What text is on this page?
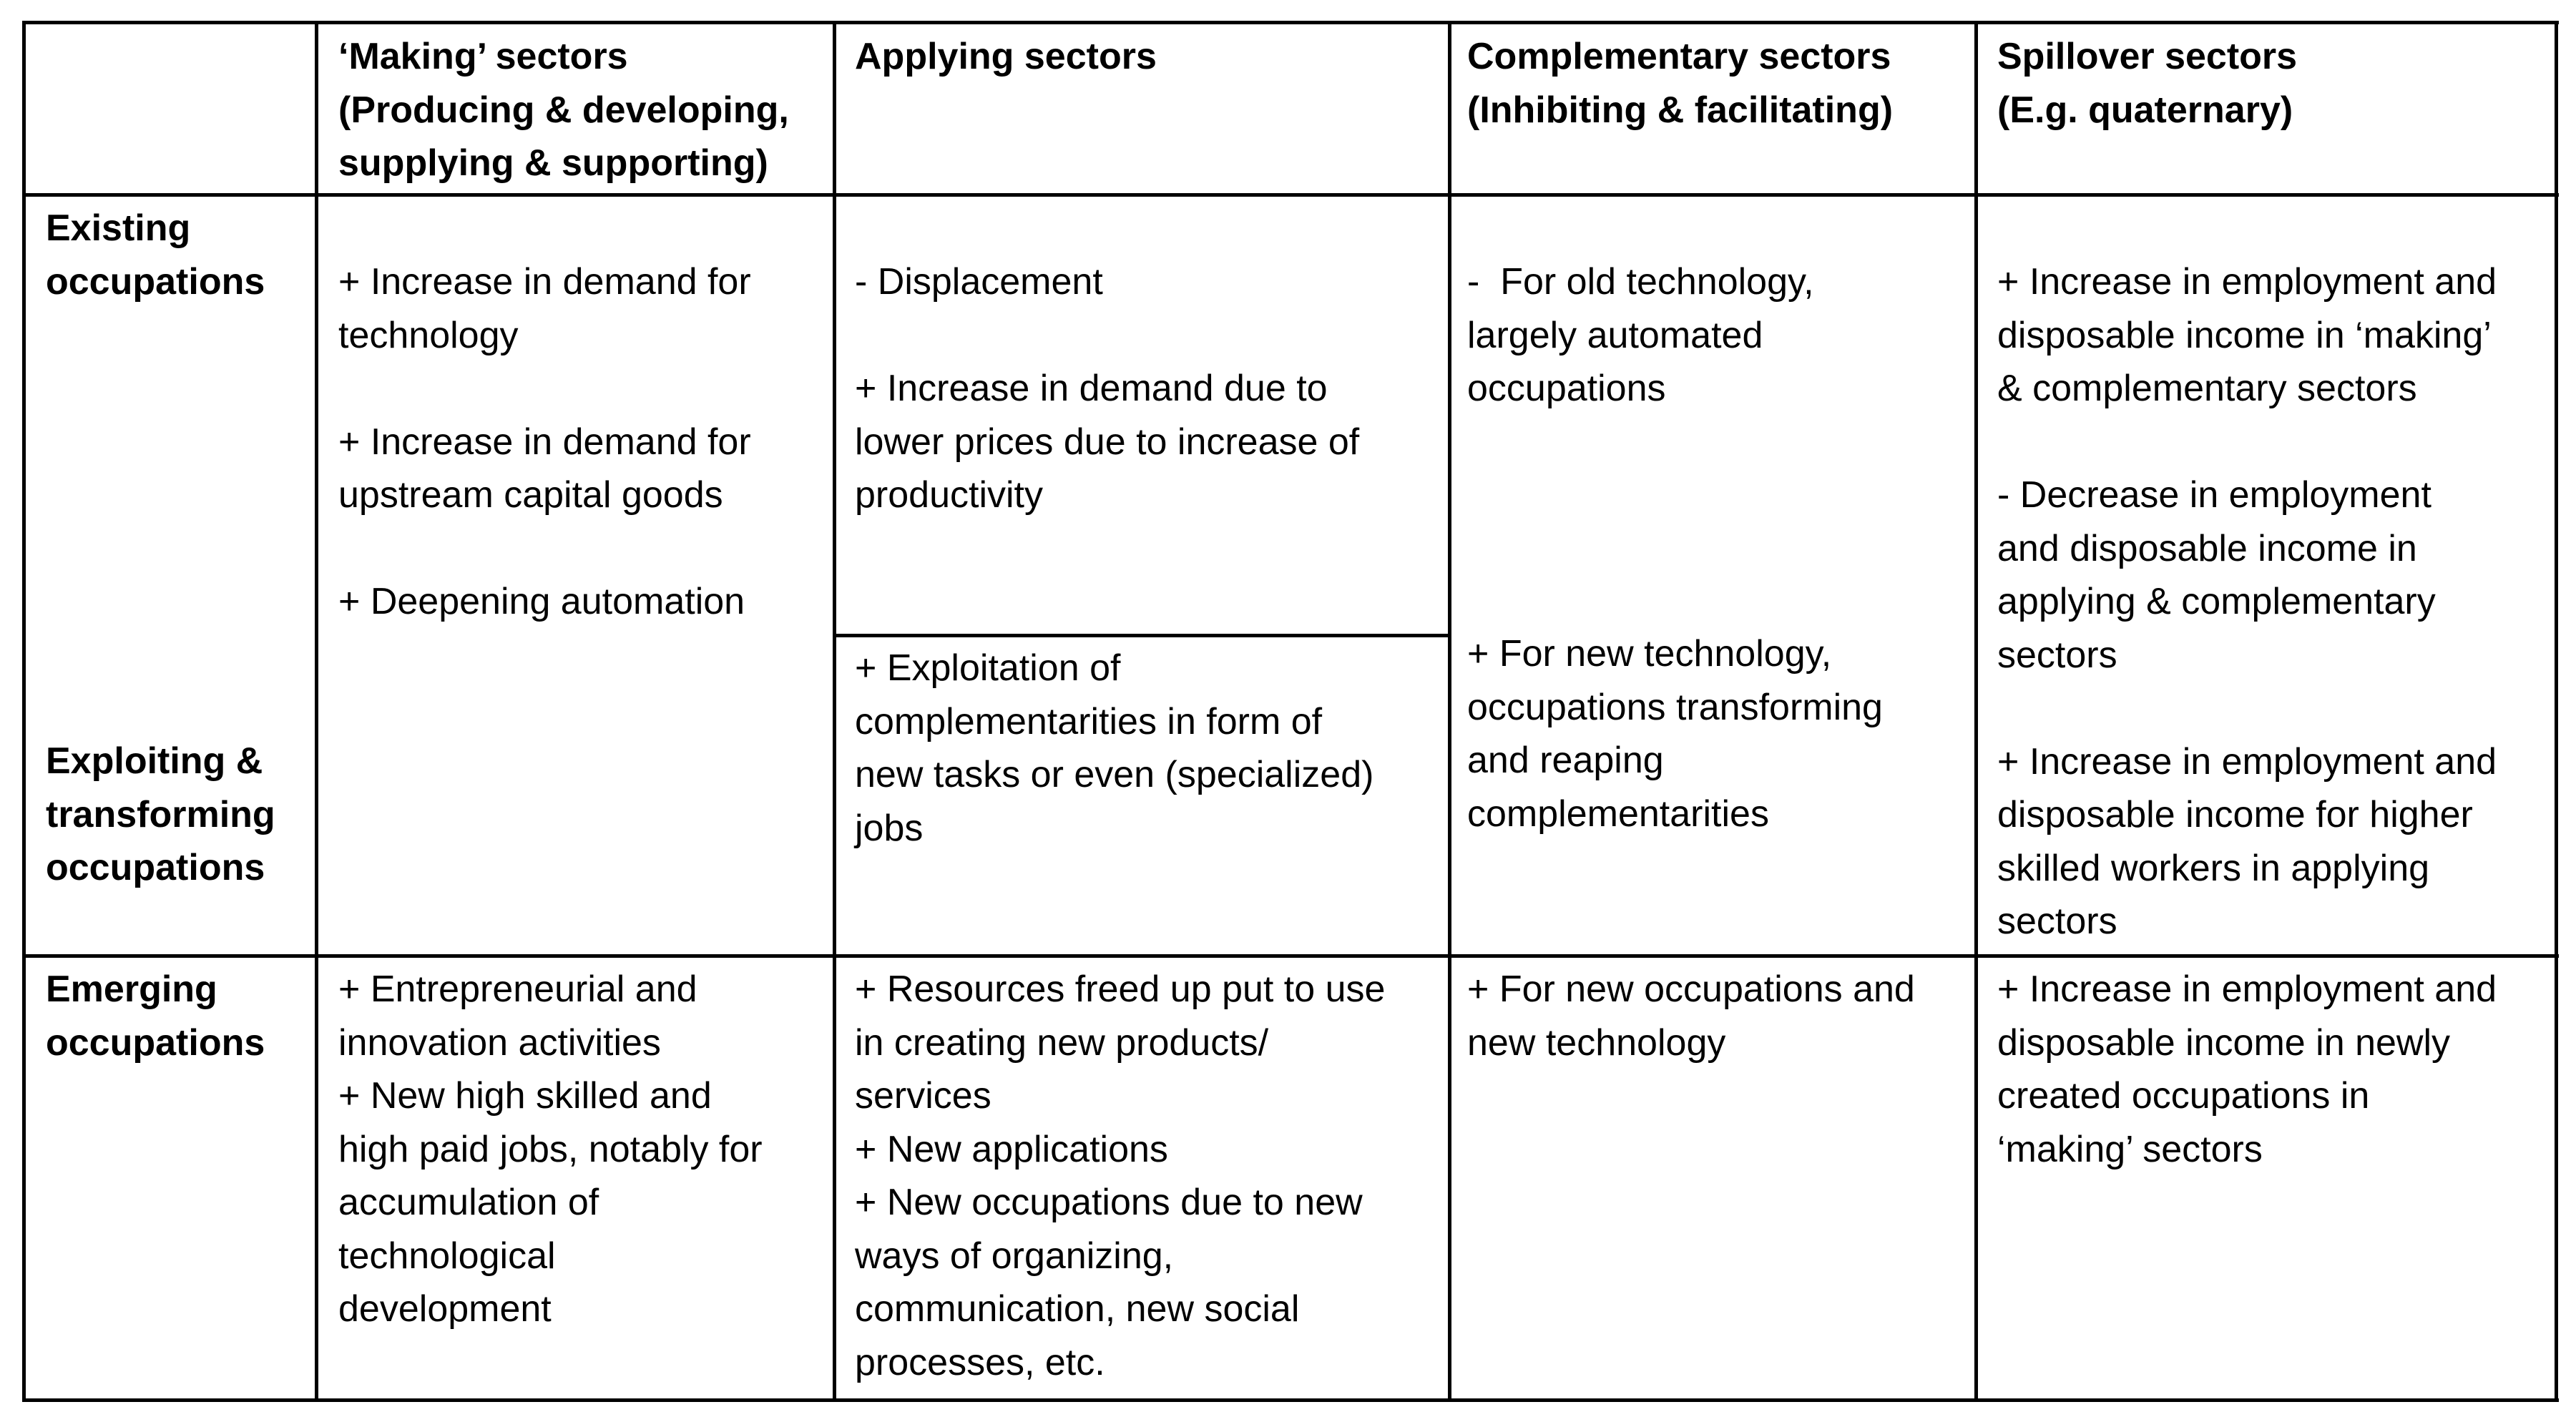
‘Making’ sectors
(Producing & developing,
supplying & supporting)
Applying sectors	Complementary sectors
(Inhibiting & facilitating)
Spillover sectors
(E.g. quaternary)
Existing
occupations
Exploiting &
transforming
occupations
Emerging
occupations
+ Increase in demand for
technology

+ Increase in demand for
upstream capital goods

+ Deepening automation
- Displacement

+ Increase in demand due to
lower prices due to increase of
productivity
+ Exploitation of
complementarities in form of
new tasks or even (specialized)
jobs
-  For old technology,
largely automated
occupations
+ For new technology,
occupations transforming
and reaping
complementarities
+ Increase in employment and
disposable income in ‘making’
& complementary sectors

- Decrease in employment
and disposable income in
applying & complementary
sectors

+ Increase in employment and
disposable income for higher
skilled workers in applying
sectors
+ Entrepreneurial and
innovation activities
+ New high skilled and
high paid jobs, notably for
accumulation of
technological
development
+ Resources freed up put to use
in creating new products/
services
+ New applications
+ New occupations due to new
ways of organizing,
communication, new social
processes, etc.
+ For new occupations and
new technology
+ Increase in employment and
disposable income in newly
created occupations in
‘making’ sectors
